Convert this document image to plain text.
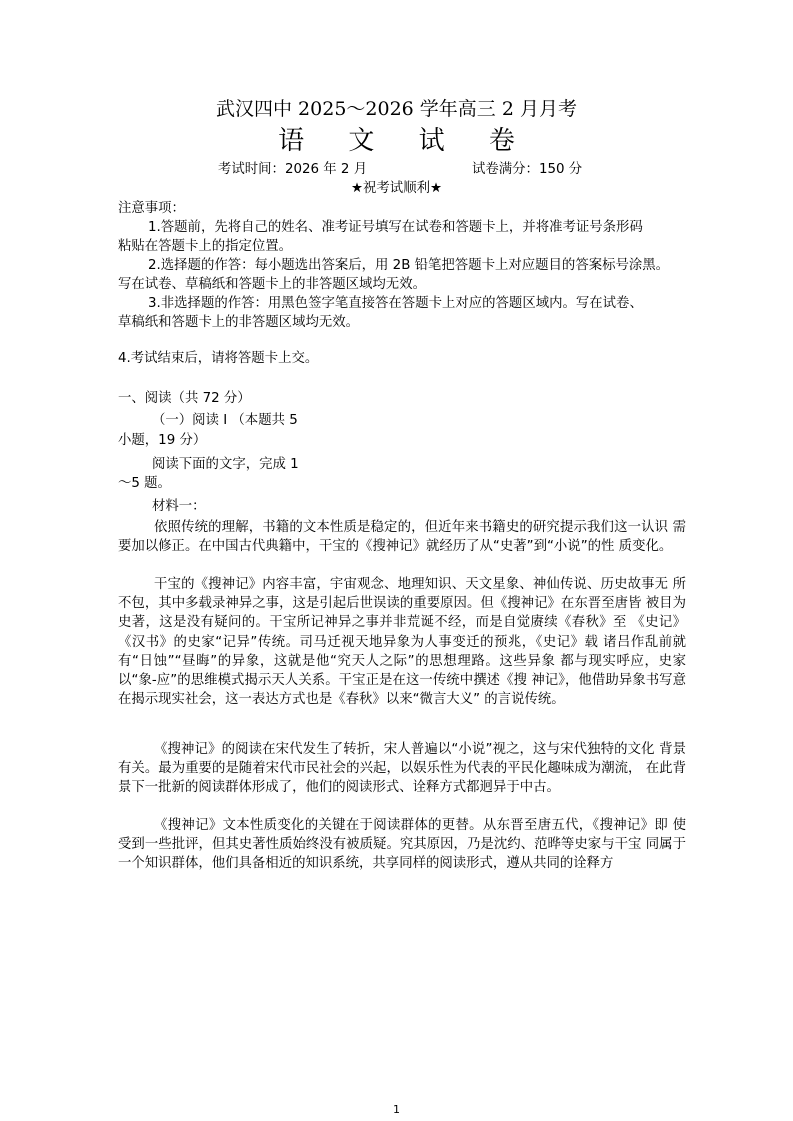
武汉四中 2025～2026 学年高三 2 月月考
语 文 试 卷
考试时间：2026 年 2 月	试卷满分：150 分
★祝考试顺利★
注意事项：
1.答题前，先将自己的姓名、准考证号填写在试卷和答题卡上，并将准考证号条形码
粘贴在答题卡上的指定位置。
2.选择题的作答：每小题选出答案后，用 2B 铅笔把答题卡上对应题目的答案标号涂黑。
写在试卷、草稿纸和答题卡上的非答题区域均无效。
3.非选择题的作答：用黑色签字笔直接答在答题卡上对应的答题区域内。写在试卷、
草稿纸和答题卡上的非答题区域均无效。
4.考试结束后，请将答题卡上交。
一、阅读（共 72 分）
（一）阅读 I （本题共 5
小题，19 分）
阅读下面的文字，完成 1
～5 题。
材料一：
依照传统的理解，书籍的文本性质是稳定的，但近年来书籍史的研究提示我们这一认识 需要加以修正。在中国古代典籍中，干宝的《搜神记》就经历了从“史著”到“小说”的性 质变化。
干宝的《搜神记》内容丰富，宇宙观念、地理知识、天文星象、神仙传说、历史故事无 所不包，其中多载录神异之事，这是引起后世误读的重要原因。但《搜神记》在东晋至唐皆 被目为史著，这是没有疑问的。干宝所记神异之事并非荒诞不经，而是自觉赓续《春秋》至 《史记》《汉书》的史家“记异”传统。司马迁视天地异象为人事变迁的预兆，《史记》载 诸吕作乱前就有“日蚀”“昼晦”的异象，这就是他“究天人之际”的思想理路。这些异象 都与现实呼应，史家以“象-应”的思维模式揭示天人关系。干宝正是在这一传统中撰述《搜 神记》，他借助异象书写意在揭示现实社会，这一表达方式也是《春秋》以来“微言大义” 的言说传统。
《搜神记》的阅读在宋代发生了转折，宋人普遍以“小说”视之，这与宋代独特的文化 背景有关。最为重要的是随着宋代市民社会的兴起，以娱乐性为代表的平民化趣味成为潮流， 在此背景下一批新的阅读群体形成了，他们的阅读形式、诠释方式都迥异于中古。
《搜神记》文本性质变化的关键在于阅读群体的更替。从东晋至唐五代，《搜神记》即 使受到一些批评，但其史著性质始终没有被质疑。究其原因，乃是沈约、范晔等史家与干宝 同属于一个知识群体，他们具备相近的知识系统，共享同样的阅读形式，遵从共同的诠释方
1
